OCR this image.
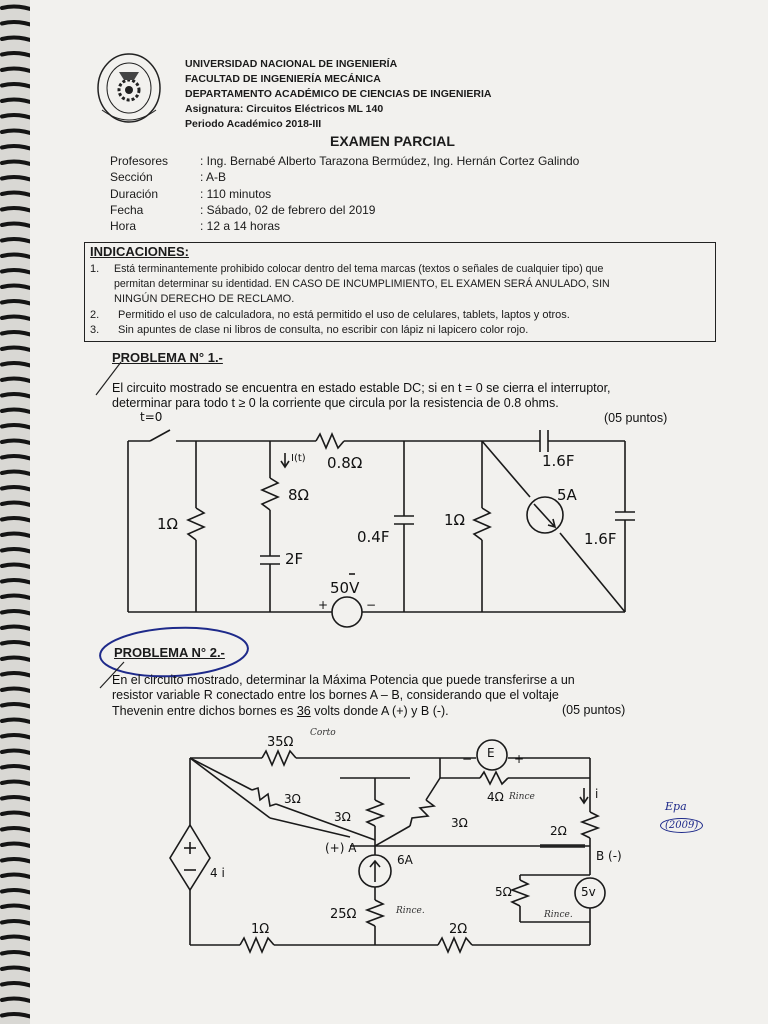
UNIVERSIDAD NACIONAL DE INGENIERÍA
FACULTAD DE INGENIERÍA MECÁNICA
DEPARTAMENTO ACADÉMICO DE CIENCIAS DE INGENIERIA
Asignatura: Circuitos Eléctricos ML 140
Periodo Académico 2018-III
EXAMEN PARCIAL
Profesores	: Ing. Bernabé Alberto Tarazona Bermúdez, Ing. Hernán Cortez Galindo
Sección	: A-B
Duración	: 110 minutos
Fecha	: Sábado, 02 de febrero del 2019
Hora	: 12 a 14 horas
INDICACIONES:
1. Está terminantemente prohibido colocar dentro del tema marcas (textos o señales de cualquier tipo) que
permitan determinar su identidad. EN CASO DE INCUMPLIMIENTO, EL EXAMEN SERÁ ANULADO, SIN
NINGÚN DERECHO DE RECLAMO.
2. Permitido el uso de calculadora, no está permitido el uso de celulares, tablets, laptos y otros.
3. Sin apuntes de clase ni libros de consulta, no escribir con lápiz ni lapicero color rojo.
PROBLEMA N° 1.-
El circuito mostrado se encuentra en estado estable DC; si en t = 0 se cierra el interruptor,
determinar para todo t ≥ 0 la corriente que circula por la resistencia de 0.8 ohms.
(05 puntos)
t=0
1Ω
I(t)
8Ω
2F
0.8Ω
0.4F
50V
+	−
1Ω
1.6F
5A
1.6F
PROBLEMA N° 2.-
En el circuito mostrado, determinar la Máxima Potencia que puede transferirse a un
resistor variable R conectado entre los bornes A – B, considerando que el voltaje
Thevenin entre dichos bornes es 36 volts donde A (+) y B (-).	(05 puntos)
35Ω
Corto
E
−	+
4Ω Rince
3Ω
3Ω	3Ω
2Ω
i
(+) A
B (-)
6A
4 i
25Ω	Rince.
5Ω
Rince.
5v
1Ω	2Ω
Epa
(2009)
